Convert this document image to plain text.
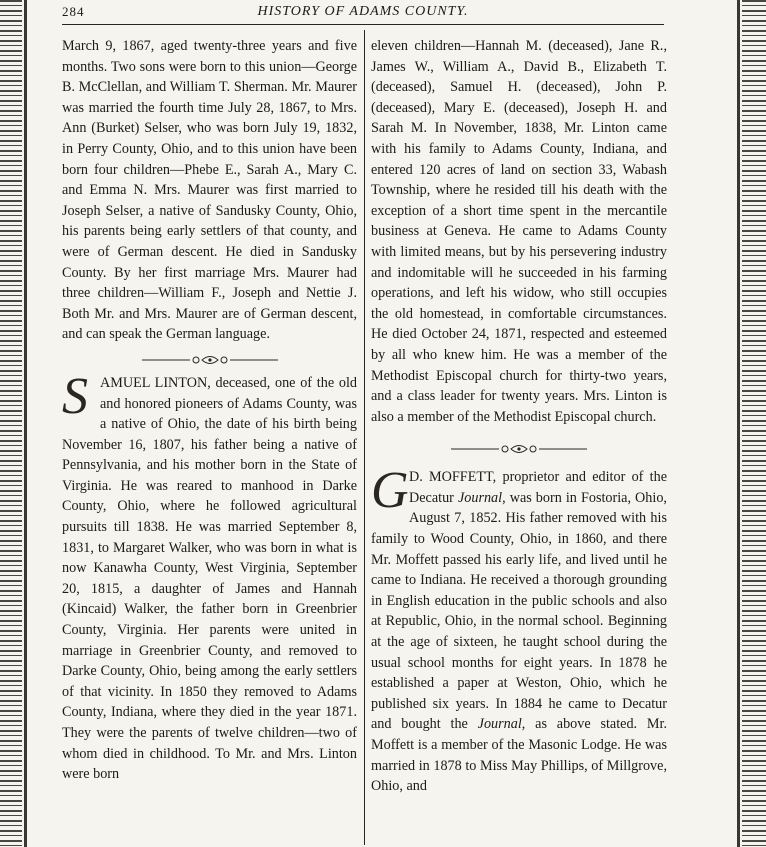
284	HISTORY OF ADAMS COUNTY.

March 9, 1867, aged twenty-three years and five months. Two sons were born to this union—George B. McClellan, and William T. Sherman. Mr. Maurer was married the fourth time July 28, 1867, to Mrs. Ann (Burket) Selser, who was born July 19, 1832, in Perry County, Ohio, and to this union have been born four children—Phebe E., Sarah A., Mary C. and Emma N. Mrs. Maurer was first married to Joseph Selser, a native of Sandusky County, Ohio, his parents being early settlers of that county, and were of German descent. He died in Sandusky County. By her first marriage Mrs. Maurer had three children—William F., Joseph and Nettie J. Both Mr. and Mrs. Maurer are of German descent, and can speak the German language.

SAMUEL LINTON, deceased, one of the old and honored pioneers of Adams County, was a native of Ohio, the date of his birth being November 16, 1807, his father being a native of Pennsylvania, and his mother born in the State of Virginia. He was reared to manhood in Darke County, Ohio, where he followed agricultural pursuits till 1838. He was married September 8, 1831, to Margaret Walker, who was born in what is now Kanawha County, West Virginia, September 20, 1815, a daughter of James and Hannah (Kincaid) Walker, the father born in Greenbrier County, Virginia. Her parents were united in marriage in Greenbrier County, and removed to Darke County, Ohio, being among the early settlers of that vicinity. In 1850 they removed to Adams County, Indiana, where they died in the year 1871. They were the parents of twelve children—two of whom died in childhood. To Mr. and Mrs. Linton were born

eleven children—Hannah M. (deceased), Jane R., James W., William A., David B., Elizabeth T. (deceased), Samuel H. (deceased), John P. (deceased), Mary E. (deceased), Joseph H. and Sarah M. In November, 1838, Mr. Linton came with his family to Adams County, Indiana, and entered 120 acres of land on section 33, Wabash Township, where he resided till his death with the exception of a short time spent in the mercantile business at Geneva. He came to Adams County with limited means, but by his persevering industry and indomitable will he succeeded in his farming operations, and left his widow, who still occupies the old homestead, in comfortable circumstances. He died October 24, 1871, respected and esteemed by all who knew him. He was a member of the Methodist Episcopal church for thirty-two years, and a class leader for twenty years. Mrs. Linton is also a member of the Methodist Episcopal church.

G D. MOFFETT, proprietor and editor of the Decatur Journal, was born in Fostoria, Ohio, August 7, 1852. His father removed with his family to Wood County, Ohio, in 1860, and there Mr. Moffett passed his early life, and lived until he came to Indiana. He received a thorough grounding in English education in the public schools and also at Republic, Ohio, in the normal school. Beginning at the age of sixteen, he taught school during the usual school months for eight years. In 1878 he established a paper at Weston, Ohio, which he published six years. In 1884 he came to Decatur and bought the Journal, as above stated. Mr. Moffett is a member of the Masonic Lodge. He was married in 1878 to Miss May Phillips, of Millgrove, Ohio, and
